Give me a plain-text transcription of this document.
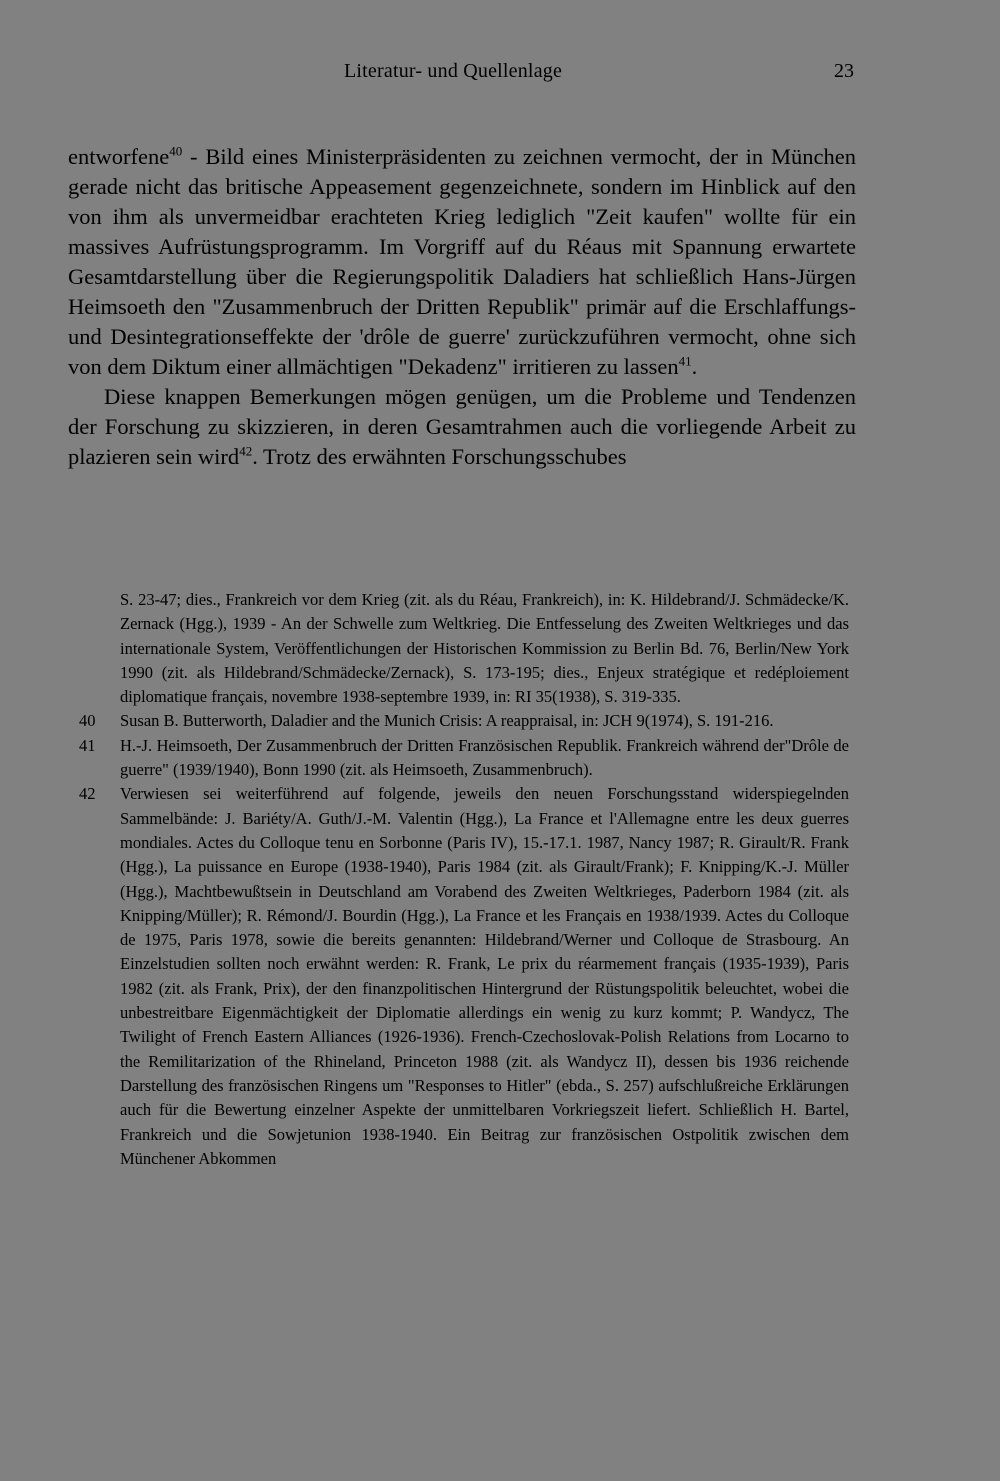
Literatur- und Quellenlage	23

entworfene$^{40}$ - Bild eines Ministerpräsidenten zu zeichnen vermocht, der in München gerade nicht das britische Appeasement gegenzeichnete, sondern im Hinblick auf den von ihm als unvermeidbar erachteten Krieg lediglich "Zeit kaufen" wollte für ein massives Aufrüstungsprogramm. Im Vorgriff auf du Réaus mit Spannung erwartete Gesamtdarstellung über die Regierungspolitik Daladiers hat schließlich Hans-Jürgen Heimsoeth den "Zusammenbruch der Dritten Republik" primär auf die Erschlaffungs- und Desintegrationseffekte der 'drôle de guerre' zurückzuführen vermocht, ohne sich von dem Diktum einer allmächtigen "Dekadenz" irritieren zu lassen$^{41}$.

Diese knappen Bemerkungen mögen genügen, um die Probleme und Tendenzen der Forschung zu skizzieren, in deren Gesamtrahmen auch die vorliegende Arbeit zu plazieren sein wird$^{42}$. Trotz des erwähnten Forschungsschubes

S. 23-47; dies., Frankreich vor dem Krieg (zit. als du Réau, Frankreich), in: K. Hildebrand/J. Schmädecke/K. Zernack (Hgg.), 1939 - An der Schwelle zum Weltkrieg. Die Entfesselung des Zweiten Weltkrieges und das internationale System, Veröffentlichungen der Historischen Kommission zu Berlin Bd. 76, Berlin/New York 1990 (zit. als Hildebrand/Schmädecke/Zernack), S. 173-195; dies., Enjeux stratégique et redéploiement diplomatique français, novembre 1938-septembre 1939, in: RI 35(1938), S. 319-335.
40	Susan B. Butterworth, Daladier and the Munich Crisis: A reappraisal, in: JCH 9(1974), S. 191-216.
41	H.-J. Heimsoeth, Der Zusammenbruch der Dritten Französischen Republik. Frankreich während der"Drôle de guerre" (1939/1940), Bonn 1990 (zit. als Heimsoeth, Zusammenbruch).
42	Verwiesen sei weiterführend auf folgende, jeweils den neuen Forschungsstand widerspiegelnden Sammelbände: J. Bariéty/A. Guth/J.-M. Valentin (Hgg.), La France et l'Allemagne entre les deux guerres mondiales. Actes du Colloque tenu en Sorbonne (Paris IV), 15.-17.1. 1987, Nancy 1987; R. Girault/R. Frank (Hgg.), La puissance en Europe (1938-1940), Paris 1984 (zit. als Girault/Frank); F. Knipping/K.-J. Müller (Hgg.), Machtbewußtsein in Deutschland am Vorabend des Zweiten Weltkrieges, Paderborn 1984 (zit. als Knipping/Müller); R. Rémond/J. Bourdin (Hgg.), La France et les Français en 1938/1939. Actes du Colloque de 1975, Paris 1978, sowie die bereits genannten: Hildebrand/Werner und Colloque de Strasbourg. An Einzelstudien sollten noch erwähnt werden: R. Frank, Le prix du réarmement français (1935-1939), Paris 1982 (zit. als Frank, Prix), der den finanzpolitischen Hintergrund der Rüstungspolitik beleuchtet, wobei die unbestreitbare Eigenmächtigkeit der Diplomatie allerdings ein wenig zu kurz kommt; P. Wandycz, The Twilight of French Eastern Alliances (1926-1936). French-Czechoslovak-Polish Relations from Locarno to the Remilitarization of the Rhineland, Princeton 1988 (zit. als Wandycz II), dessen bis 1936 reichende Darstellung des französischen Ringens um "Responses to Hitler" (ebda., S. 257) aufschlußreiche Erklärungen auch für die Bewertung einzelner Aspekte der unmittelbaren Vorkriegszeit liefert. Schließlich H. Bartel, Frankreich und die Sowjetunion 1938-1940. Ein Beitrag zur französischen Ostpolitik zwischen dem Münchener Abkommen
